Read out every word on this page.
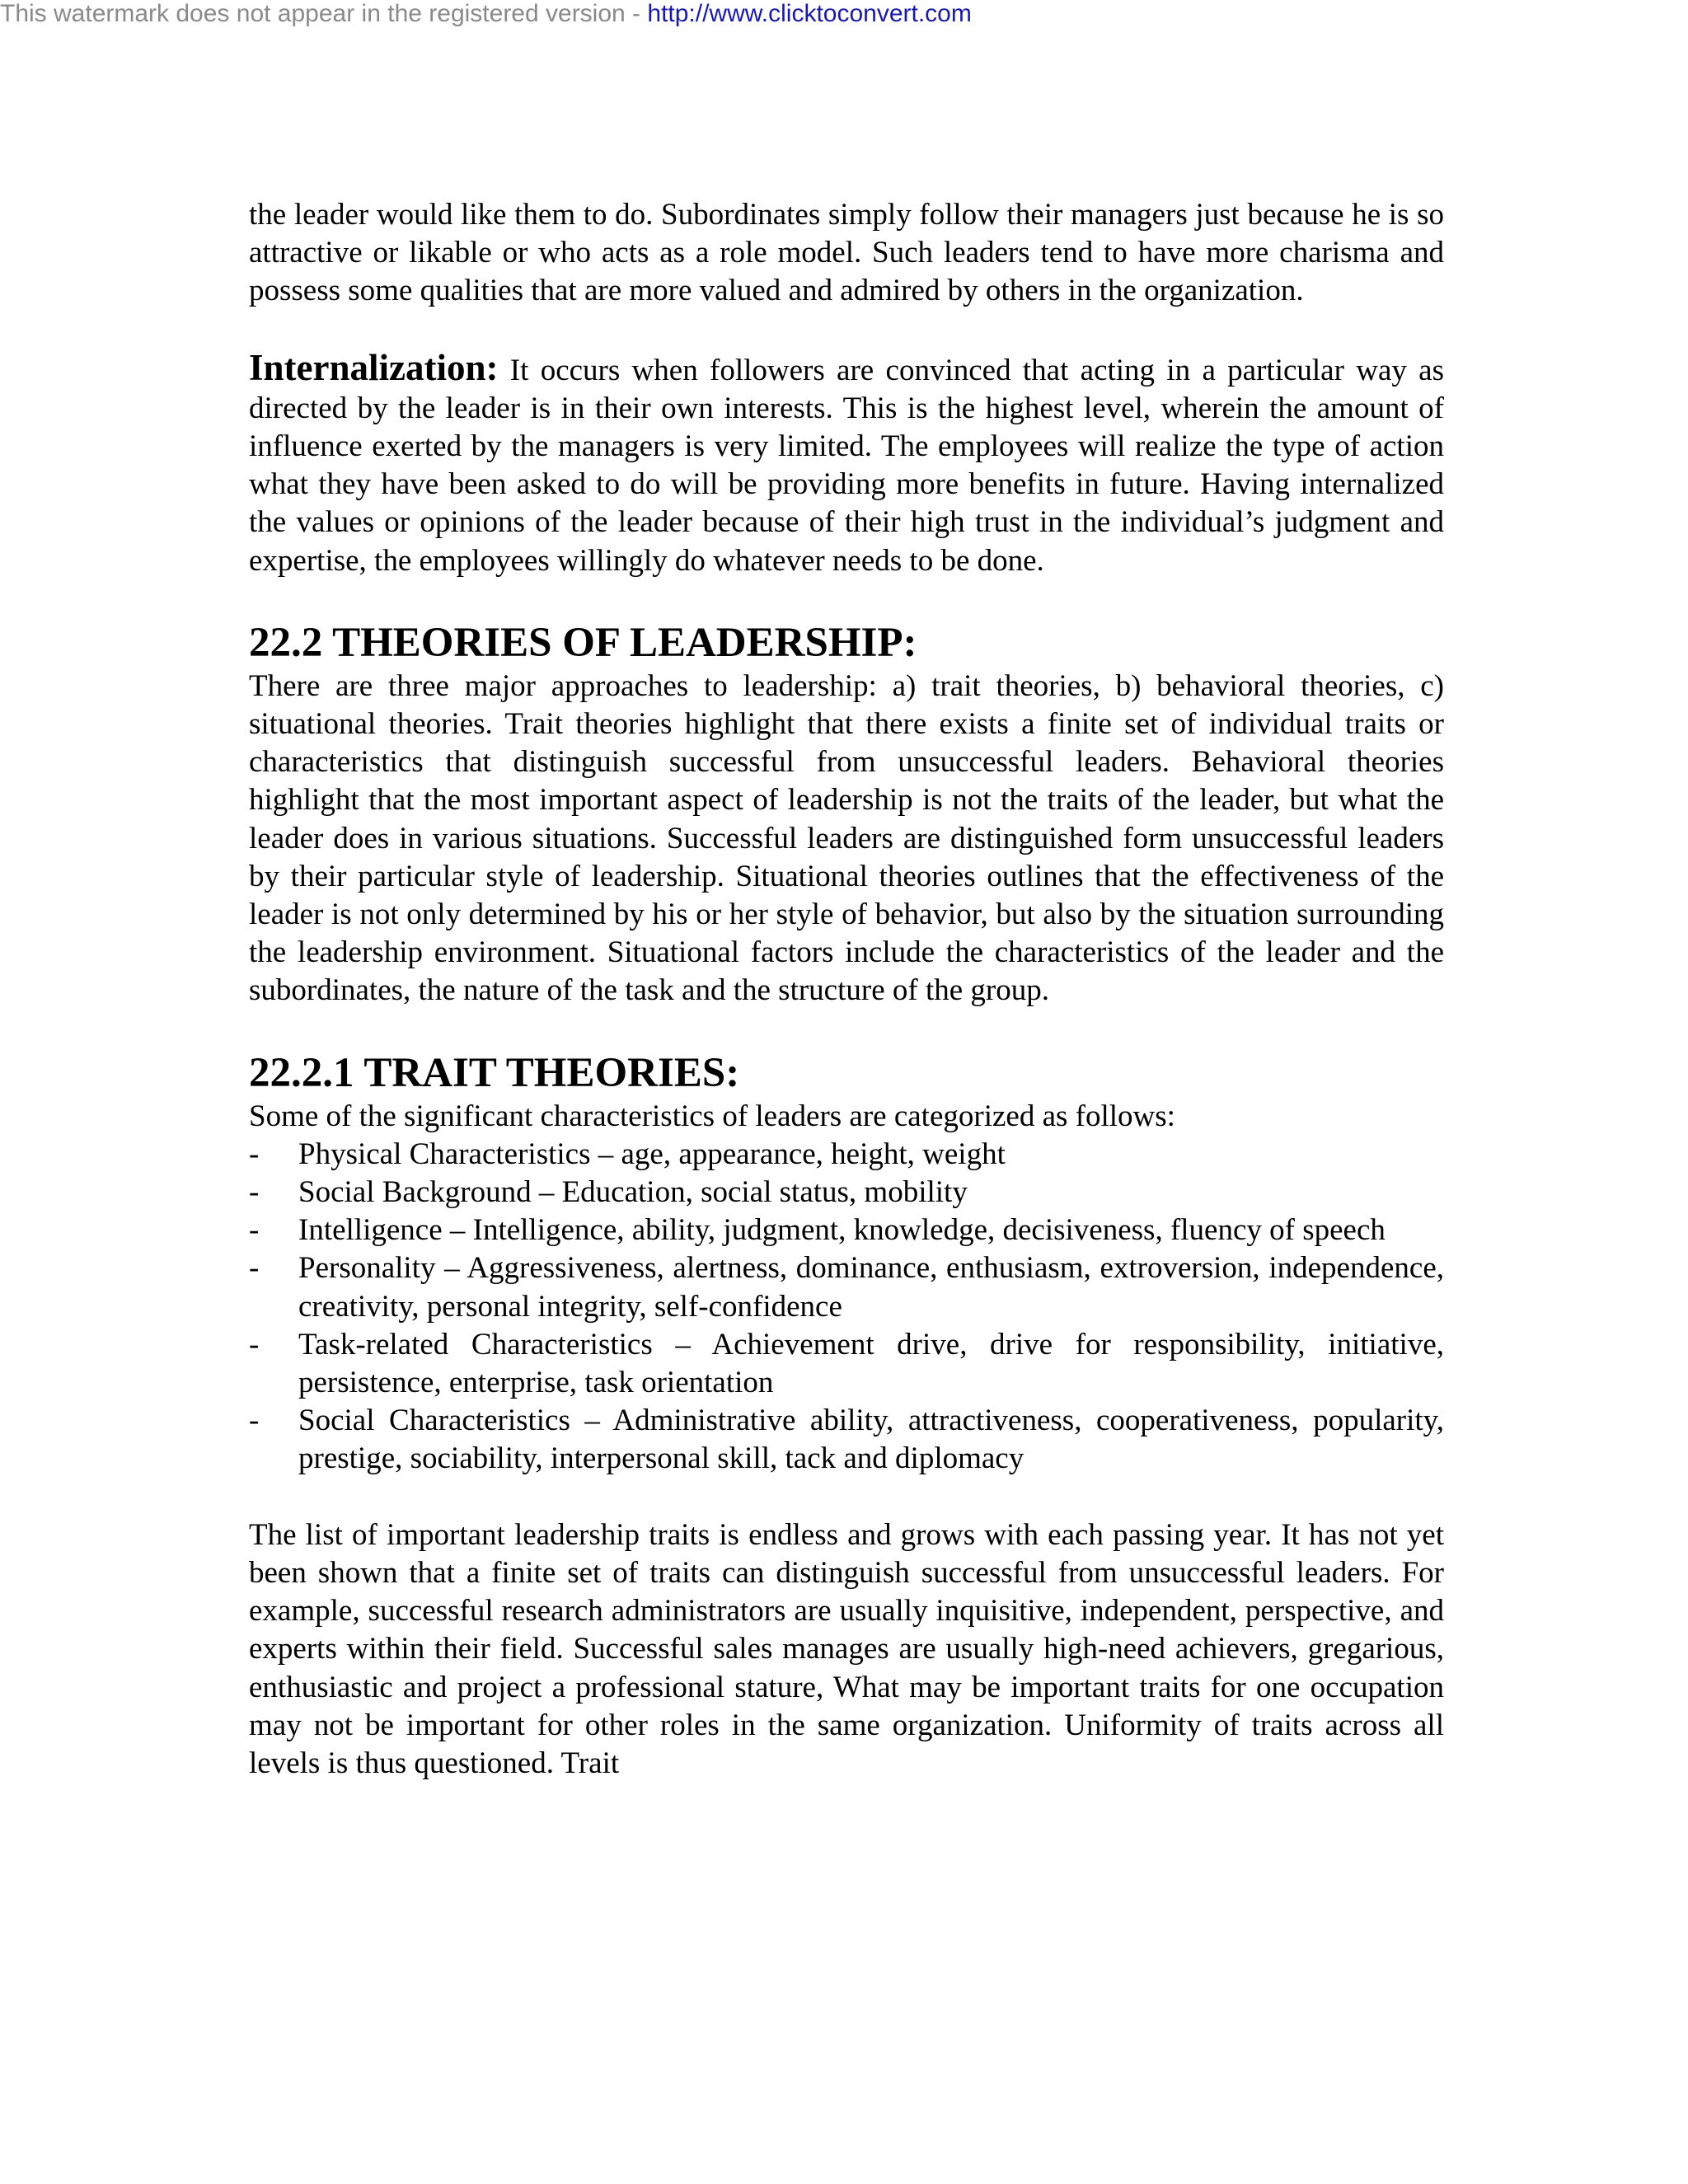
This watermark does not appear in the registered version - http://www.clicktoconvert.com

the leader would like them to do. Subordinates simply follow their managers just because he is so attractive or likable or who acts as a role model. Such leaders tend to have more charisma and possess some qualities that are more valued and admired by others in the organization.

Internalization: It occurs when followers are convinced that acting in a particular way as directed by the leader is in their own interests. This is the highest level, wherein the amount of influence exerted by the managers is very limited. The employees will realize the type of action what they have been asked to do will be providing more benefits in future. Having internalized the values or opinions of the leader because of their high trust in the individual’s judgment and expertise, the employees willingly do whatever needs to be done.

22.2 THEORIES OF LEADERSHIP:

There are three major approaches to leadership: a) trait theories, b) behavioral theories, c) situational theories. Trait theories highlight that there exists a finite set of individual traits or characteristics that distinguish successful from unsuccessful leaders. Behavioral theories highlight that the most important aspect of leadership is not the traits of the leader, but what the leader does in various situations. Successful leaders are distinguished form unsuccessful leaders by their particular style of leadership. Situational theories outlines that the effectiveness of the leader is not only determined by his or her style of behavior, but also by the situation surrounding the leadership environment. Situational factors include the characteristics of the leader and the subordinates, the nature of the task and the structure of the group.

22.2.1 TRAIT THEORIES:

Some of the significant characteristics of leaders are categorized as follows:

- Physical Characteristics – age, appearance, height, weight
- Social Background – Education, social status, mobility
- Intelligence – Intelligence, ability, judgment, knowledge, decisiveness, fluency of speech
- Personality – Aggressiveness, alertness, dominance, enthusiasm, extroversion, independence, creativity, personal integrity, self-confidence
- Task-related Characteristics – Achievement drive, drive for responsibility, initiative, persistence, enterprise, task orientation
- Social Characteristics – Administrative ability, attractiveness, cooperativeness, popularity, prestige, sociability, interpersonal skill, tack and diplomacy

The list of important leadership traits is endless and grows with each passing year. It has not yet been shown that a finite set of traits can distinguish successful from unsuccessful leaders. For example, successful research administrators are usually inquisitive, independent, perspective, and experts within their field. Successful sales manages are usually high-need achievers, gregarious, enthusiastic and project a professional stature, What may be important traits for one occupation may not be important for other roles in the same organization. Uniformity of traits across all levels is thus questioned. Trait
